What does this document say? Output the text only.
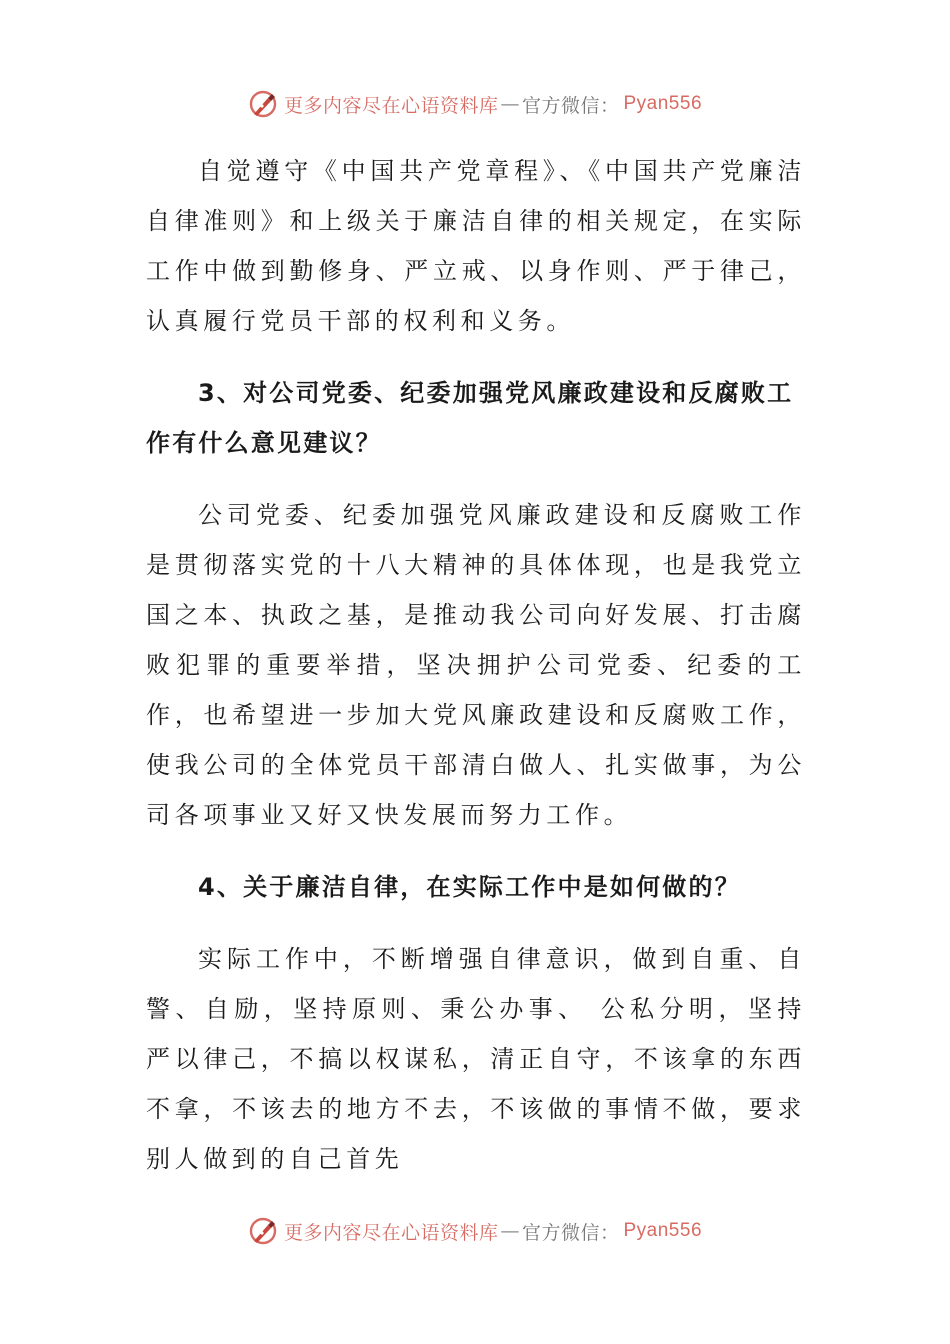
更多内容尽在心语资料库 — 官方微信： Pyan556

自觉遵守《中国共产党章程》、《中国共产党廉洁自律准则》和上级关于廉洁自律的相关规定，在实际工作中做到勤修身、严立戒、以身作则、严于律己，认真履行党员干部的权利和义务。

3、对公司党委、纪委加强党风廉政建设和反腐败工作有什么意见建议？

公司党委、纪委加强党风廉政建设和反腐败工作是贯彻落实党的十八大精神的具体体现，也是我党立国之本、执政之基，是推动我公司向好发展、打击腐败犯罪的重要举措，坚决拥护公司党委、纪委的工作，也希望进一步加大党风廉政建设和反腐败工作，使我公司的全体党员干部清白做人、扎实做事，为公司各项事业又好又快发展而努力工作。

4、关于廉洁自律，在实际工作中是如何做的？

实际工作中，不断增强自律意识，做到自重、自警、自励，坚持原则、秉公办事、 公私分明，坚持严以律己，不搞以权谋私，清正自守，不该拿的东西不拿，不该去的地方不去，不该做的事情不做，要求别人做到的自己首先

更多内容尽在心语资料库 — 官方微信： Pyan556
